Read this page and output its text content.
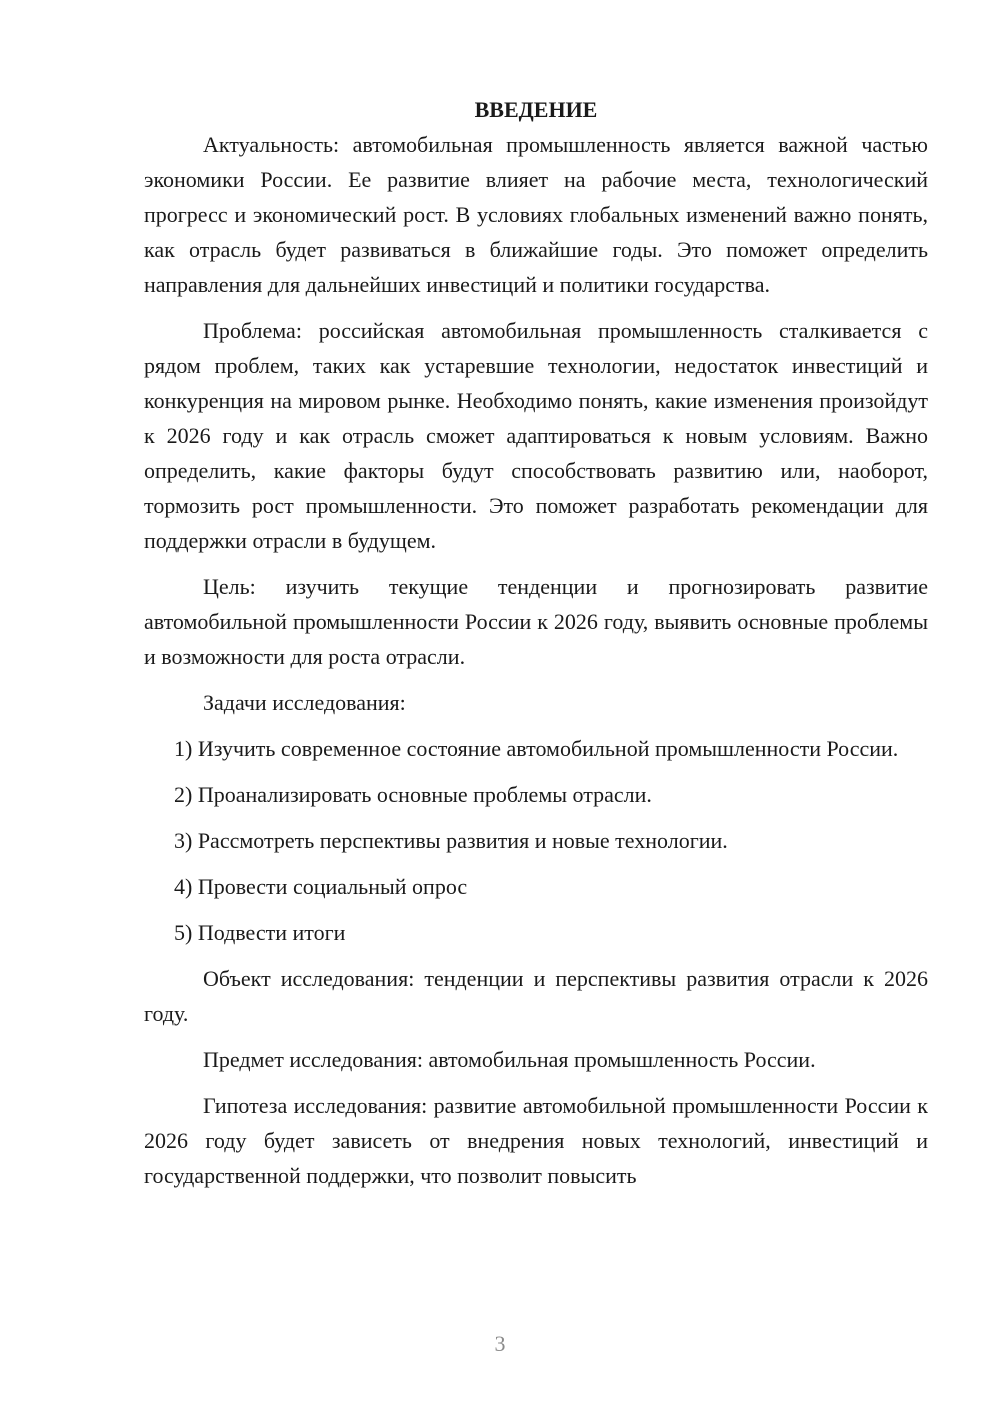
ВВЕДЕНИЕ

Актуальность: автомобильная промышленность является важной частью экономики России. Ее развитие влияет на рабочие места, технологический прогресс и экономический рост. В условиях глобальных изменений важно понять, как отрасль будет развиваться в ближайшие годы. Это поможет определить направления для дальнейших инвестиций и политики государства.

Проблема: российская автомобильная промышленность сталкивается с рядом проблем, таких как устаревшие технологии, недостаток инвестиций и конкуренция на мировом рынке. Необходимо понять, какие изменения произойдут к 2026 году и как отрасль сможет адаптироваться к новым условиям. Важно определить, какие факторы будут способствовать развитию или, наоборот, тормозить рост промышленности. Это поможет разработать рекомендации для поддержки отрасли в будущем.

Цель: изучить текущие тенденции и прогнозировать развитие автомобильной промышленности России к 2026 году, выявить основные проблемы и возможности для роста отрасли.

Задачи исследования:

1) Изучить современное состояние автомобильной промышленности России.

2) Проанализировать основные проблемы отрасли.

3) Рассмотреть перспективы развития и новые технологии.

4) Провести социальный опрос

5) Подвести итоги

Объект исследования: тенденции и перспективы развития отрасли к 2026 году.

Предмет исследования: автомобильная промышленность России.

Гипотеза исследования: развитие автомобильной промышленности России к 2026 году будет зависеть от внедрения новых технологий, инвестиций и государственной поддержки, что позволит повысить

3
